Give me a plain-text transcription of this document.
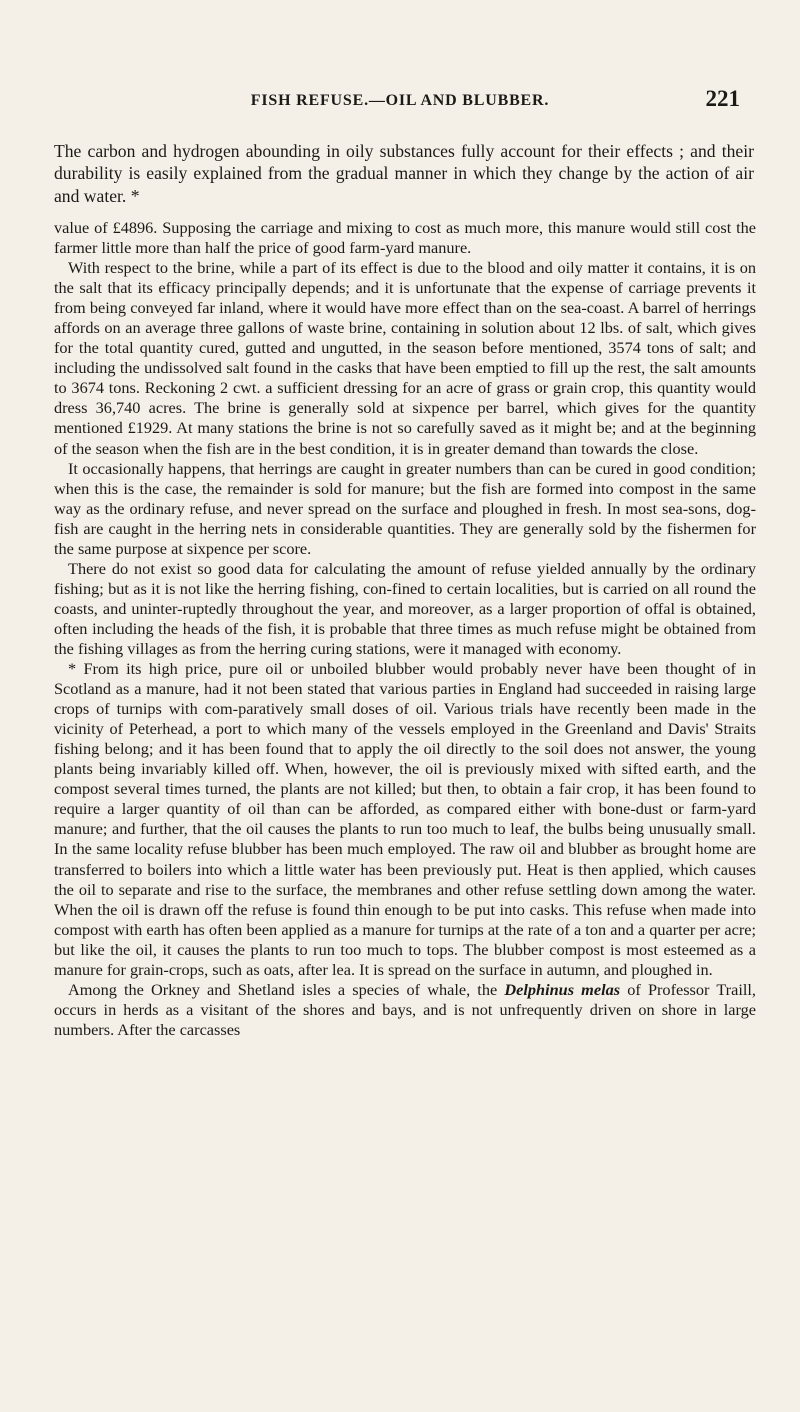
FISH REFUSE.—OIL AND BLUBBER.	221

The carbon and hydrogen abounding in oily substances fully account for their effects ; and their durability is easily explained from the gradual manner in which they change by the action of air and water. *

value of £4896. Supposing the carriage and mixing to cost as much more, this manure would still cost the farmer little more than half the price of good farm-yard manure.

With respect to the brine, while a part of its effect is due to the blood and oily matter it contains, it is on the salt that its efficacy principally depends; and it is unfortunate that the expense of carriage prevents it from being conveyed far inland, where it would have more effect than on the sea-coast. A barrel of herrings affords on an average three gallons of waste brine, containing in solution about 12 lbs. of salt, which gives for the total quantity cured, gutted and ungutted, in the season before mentioned, 3574 tons of salt; and including the undissolved salt found in the casks that have been emptied to fill up the rest, the salt amounts to 3674 tons. Reckoning 2 cwt. a sufficient dressing for an acre of grass or grain crop, this quantity would dress 36,740 acres. The brine is generally sold at sixpence per barrel, which gives for the quantity mentioned £1929. At many stations the brine is not so carefully saved as it might be; and at the beginning of the season when the fish are in the best condition, it is in greater demand than towards the close.

It occasionally happens, that herrings are caught in greater numbers than can be cured in good condition; when this is the case, the remainder is sold for manure; but the fish are formed into compost in the same way as the ordinary refuse, and never spread on the surface and ploughed in fresh. In most sea-sons, dog-fish are caught in the herring nets in considerable quantities. They are generally sold by the fishermen for the same purpose at sixpence per score.

There do not exist so good data for calculating the amount of refuse yielded annually by the ordinary fishing; but as it is not like the herring fishing, con-fined to certain localities, but is carried on all round the coasts, and uninter-ruptedly throughout the year, and moreover, as a larger proportion of offal is obtained, often including the heads of the fish, it is probable that three times as much refuse might be obtained from the fishing villages as from the herring curing stations, were it managed with economy.

* From its high price, pure oil or unboiled blubber would probably never have been thought of in Scotland as a manure, had it not been stated that various parties in England had succeeded in raising large crops of turnips with com-paratively small doses of oil. Various trials have recently been made in the vicinity of Peterhead, a port to which many of the vessels employed in the Greenland and Davis' Straits fishing belong; and it has been found that to apply the oil directly to the soil does not answer, the young plants being invariably killed off. When, however, the oil is previously mixed with sifted earth, and the compost several times turned, the plants are not killed; but then, to obtain a fair crop, it has been found to require a larger quantity of oil than can be afforded, as compared either with bone-dust or farm-yard manure; and further, that the oil causes the plants to run too much to leaf, the bulbs being unusually small. In the same locality refuse blubber has been much employed. The raw oil and blubber as brought home are transferred to boilers into which a little water has been previously put. Heat is then applied, which causes the oil to separate and rise to the surface, the membranes and other refuse settling down among the water. When the oil is drawn off the refuse is found thin enough to be put into casks. This refuse when made into compost with earth has often been applied as a manure for turnips at the rate of a ton and a quarter per acre; but like the oil, it causes the plants to run too much to tops. The blubber compost is most esteemed as a manure for grain-crops, such as oats, after lea. It is spread on the surface in autumn, and ploughed in.

Among the Orkney and Shetland isles a species of whale, the Delphinus melas of Professor Traill, occurs in herds as a visitant of the shores and bays, and is not unfrequently driven on shore in large numbers. After the carcasses
